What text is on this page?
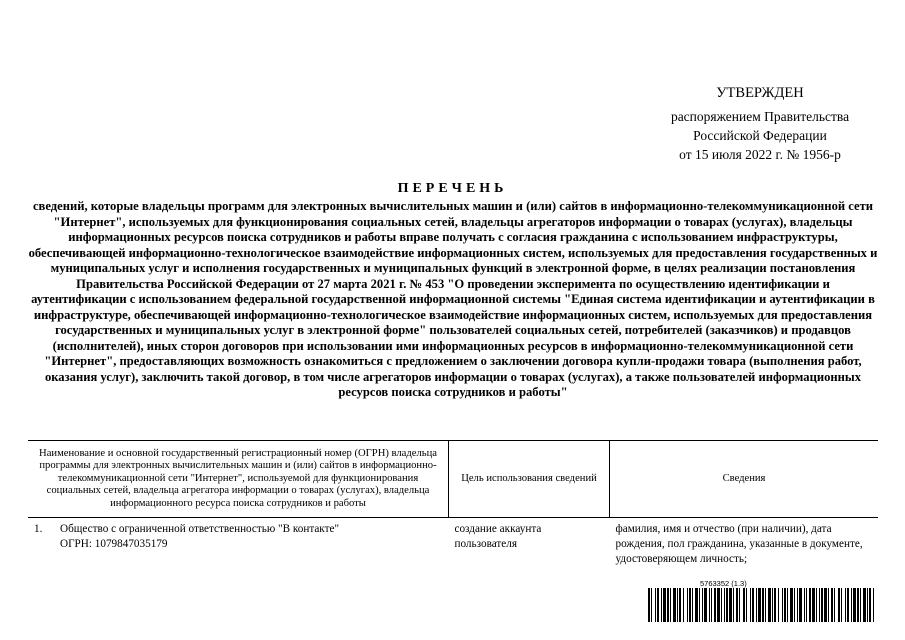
УТВЕРЖДЕН
распоряжением Правительства
Российской Федерации
от 15 июля 2022 г. № 1956-р
ПЕРЕЧЕНЬ
сведений, которые владельцы программ для электронных вычислительных машин и (или) сайтов в информационно-телекоммуникационной сети "Интернет", используемых для функционирования социальных сетей, владельцы агрегаторов информации о товарах (услугах), владельцы информационных ресурсов поиска сотрудников и работы вправе получать с согласия гражданина с использованием инфраструктуры, обеспечивающей информационно-технологическое взаимодействие информационных систем, используемых для предоставления государственных и муниципальных услуг и исполнения государственных и муниципальных функций в электронной форме, в целях реализации постановления Правительства Российской Федерации от 27 марта 2021 г. № 453 "О проведении эксперимента по осуществлению идентификации и аутентификации с использованием федеральной государственной информационной системы "Единая система идентификации и аутентификации в инфраструктуре, обеспечивающей информационно-технологическое взаимодействие информационных систем, используемых для предоставления государственных и муниципальных услуг в электронной форме" пользователей социальных сетей, потребителей (заказчиков) и продавцов (исполнителей), иных сторон договоров при использовании ими информационных ресурсов в информационно-телекоммуникационной сети "Интернет", предоставляющих возможность ознакомиться с предложением о заключении договора купли-продажи товара (выполнения работ, оказания услуг), заключить такой договор, в том числе агрегаторов информации о товарах (услугах), а также пользователей информационных ресурсов поиска сотрудников и работы"
Наименование и основной государственный регистрационный номер (ОГРН) владельца программы для электронных вычислительных машин и (или) сайтов в информационно-телекоммуникационной сети "Интернет", используемой для функционирования социальных сетей, владельца агрегатора информации о товарах (услугах), владельца информационного ресурса поиска сотрудников и работы	Цель использования сведений	Сведения
1. Общество с ограниченной ответственностью "В контакте"
ОГРН: 1079847035179	создание аккаунта пользователя	фамилия, имя и отчество (при наличии), дата рождения, пол гражданина, указанные в документе, удостоверяющем личность;
5763352 (1.3)
